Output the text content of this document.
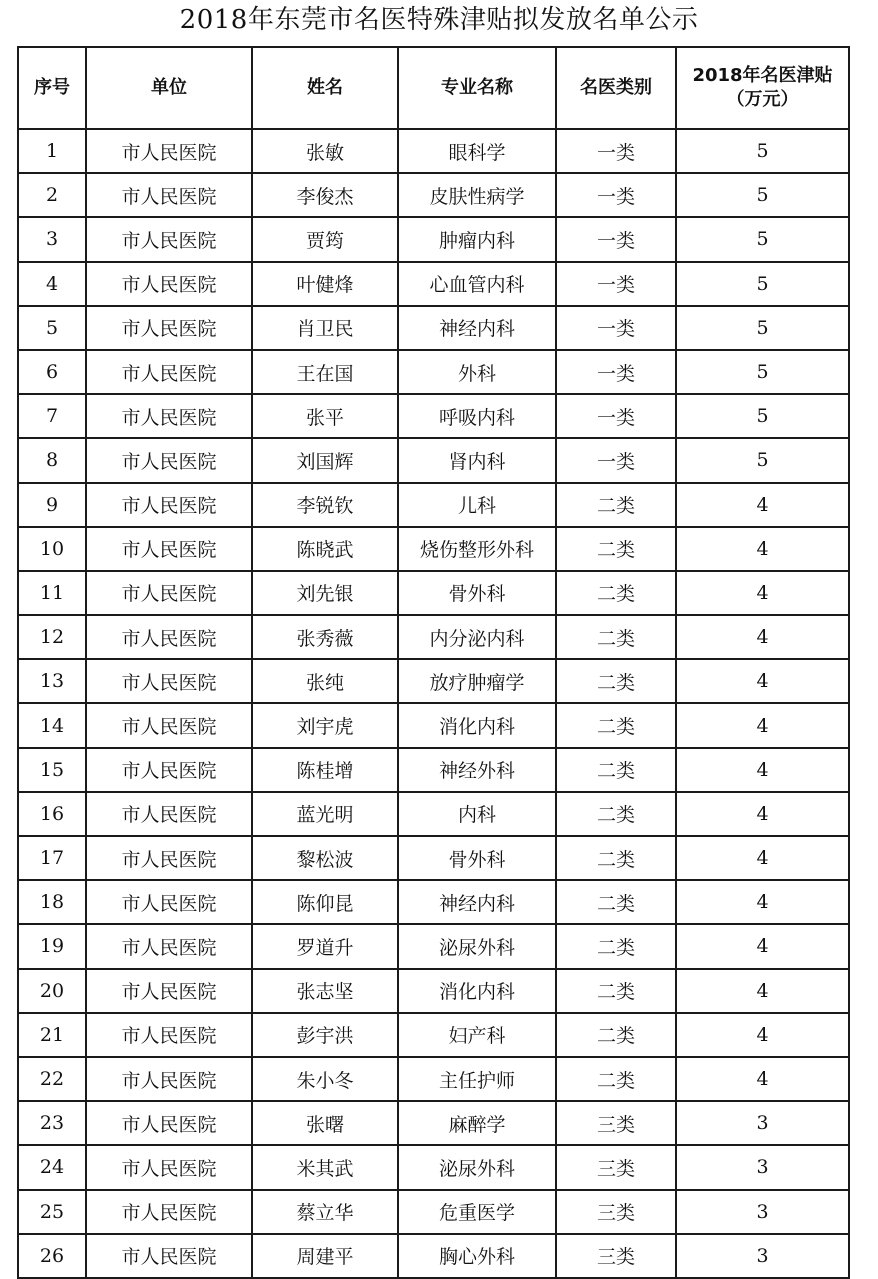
2018年东莞市名医特殊津贴拟发放名单公示
序号	单位	姓名	专业名称	名医类别	2018年名医津贴（万元）
1	市人民医院	张敏	眼科学	一类	5
2	市人民医院	李俊杰	皮肤性病学	一类	5
3	市人民医院	贾筠	肿瘤内科	一类	5
4	市人民医院	叶健烽	心血管内科	一类	5
5	市人民医院	肖卫民	神经内科	一类	5
6	市人民医院	王在国	外科	一类	5
7	市人民医院	张平	呼吸内科	一类	5
8	市人民医院	刘国辉	肾内科	一类	5
9	市人民医院	李锐钦	儿科	二类	4
10	市人民医院	陈晓武	烧伤整形外科	二类	4
11	市人民医院	刘先银	骨外科	二类	4
12	市人民医院	张秀薇	内分泌内科	二类	4
13	市人民医院	张纯	放疗肿瘤学	二类	4
14	市人民医院	刘宇虎	消化内科	二类	4
15	市人民医院	陈桂增	神经外科	二类	4
16	市人民医院	蓝光明	内科	二类	4
17	市人民医院	黎松波	骨外科	二类	4
18	市人民医院	陈仰昆	神经内科	二类	4
19	市人民医院	罗道升	泌尿外科	二类	4
20	市人民医院	张志坚	消化内科	二类	4
21	市人民医院	彭宇洪	妇产科	二类	4
22	市人民医院	朱小冬	主任护师	二类	4
23	市人民医院	张曙	麻醉学	三类	3
24	市人民医院	米其武	泌尿外科	三类	3
25	市人民医院	蔡立华	危重医学	三类	3
26	市人民医院	周建平	胸心外科	三类	3
